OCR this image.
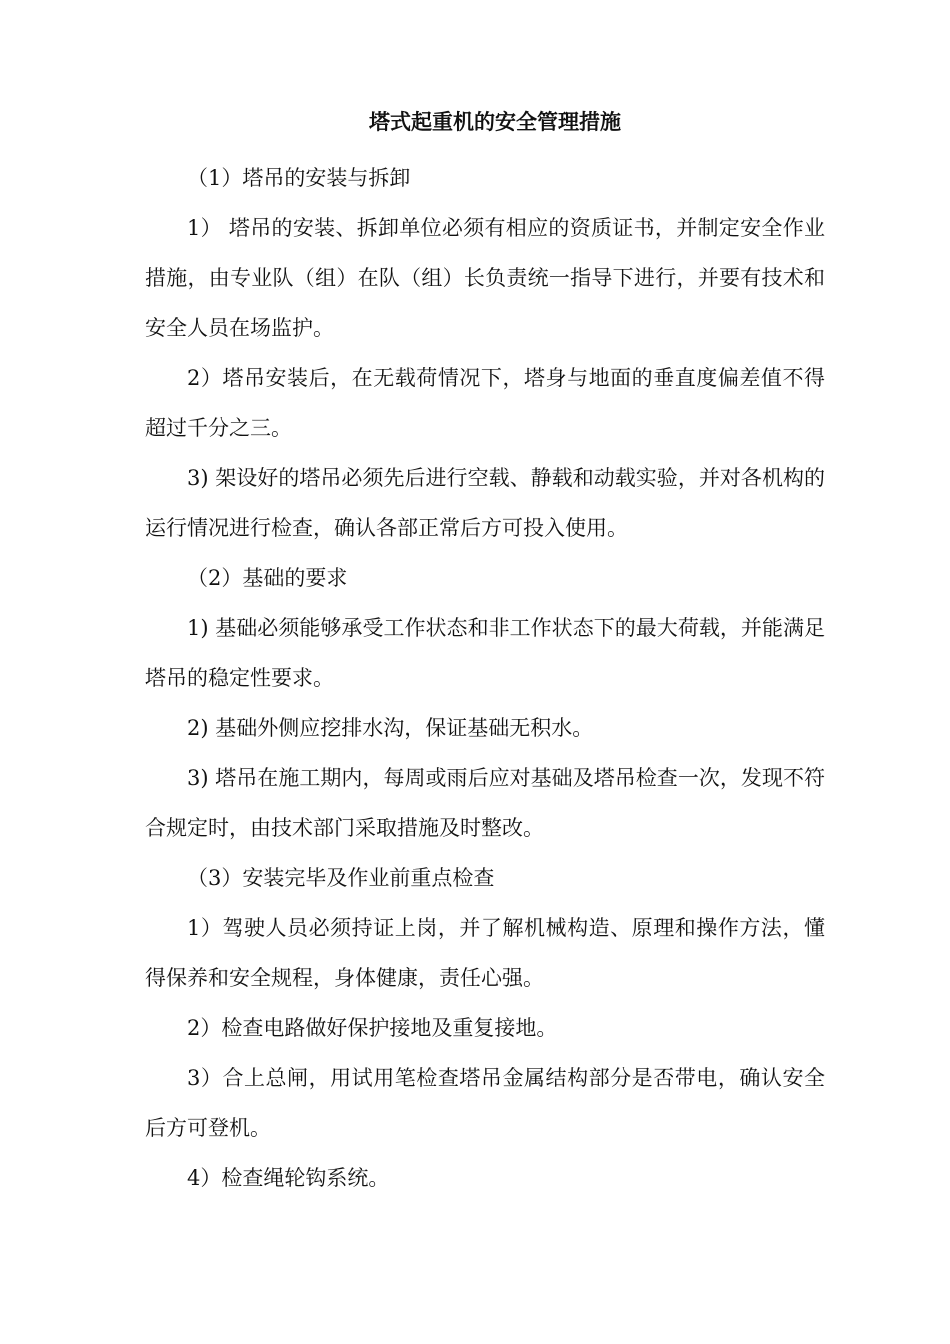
塔式起重机的安全管理措施

（1）塔吊的安装与拆卸

1） 塔吊的安装、拆卸单位必须有相应的资质证书，并制定安全作业措施，由专业队（组）在队（组）长负责统一指导下进行，并要有技术和安全人员在场监护。

2）塔吊安装后，在无载荷情况下，塔身与地面的垂直度偏差值不得超过千分之三。

3) 架设好的塔吊必须先后进行空载、静载和动载实验，并对各机构的运行情况进行检查，确认各部正常后方可投入使用。

（2）基础的要求

1) 基础必须能够承受工作状态和非工作状态下的最大荷载，并能满足塔吊的稳定性要求。

2) 基础外侧应挖排水沟，保证基础无积水。

3) 塔吊在施工期内，每周或雨后应对基础及塔吊检查一次，发现不符合规定时，由技术部门采取措施及时整改。

（3）安装完毕及作业前重点检查

1）驾驶人员必须持证上岗，并了解机械构造、原理和操作方法，懂得保养和安全规程，身体健康，责任心强。

2）检查电路做好保护接地及重复接地。

3）合上总闸，用试用笔检查塔吊金属结构部分是否带电，确认安全后方可登机。

4）检查绳轮钩系统。
